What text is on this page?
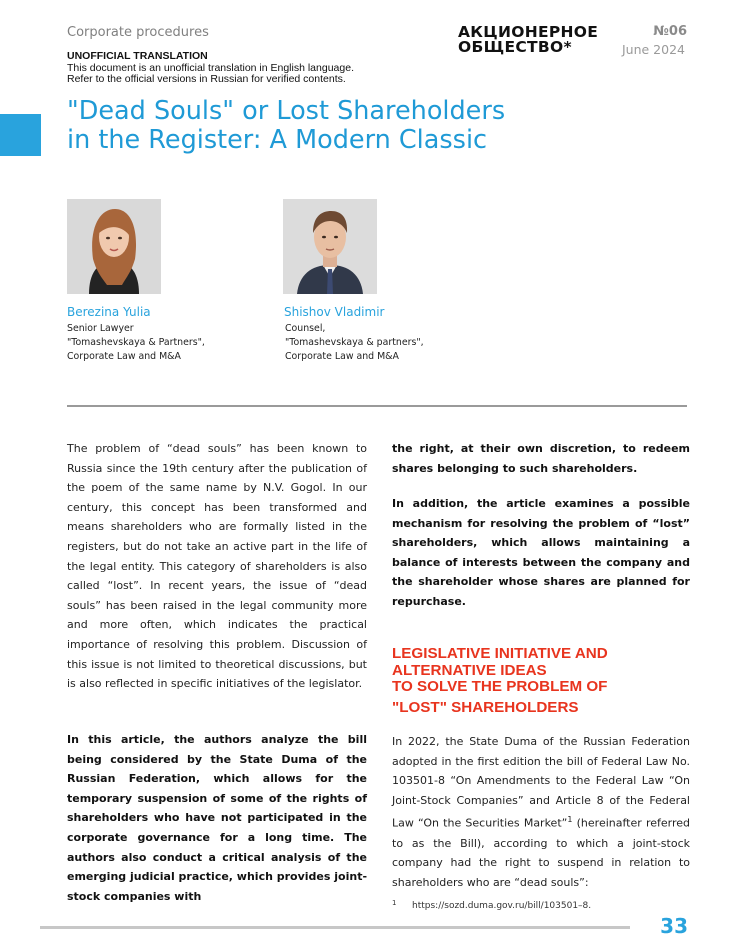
Corporate procedures
UNOFFICIAL TRANSLATION
This document is an unofficial translation in English language.
Refer to the official versions in Russian for verified contents.
АКЦИОНЕРНОЕ
ОБЩЕСТВО*
№06
June 2024
"Dead Souls" or Lost Shareholders
in the Register: A Modern Classic
Berezina Yulia
Senior Lawyer
"Tomashevskaya & Partners",
Corporate Law and M&A
Shishov Vladimir
Counsel,
"Tomashevskaya & partners",
Corporate Law and M&A
The problem of “dead souls” has been known to Russia since the 19th century after the publication of the poem of the same name by N.V. Gogol. In our century, this concept has been transformed and means shareholders who are formally listed in the registers, but do not take an active part in the life of the legal entity. This category of shareholders is also called “lost”. In recent years, the issue of “dead souls” has been raised in the legal community more and more often, which indicates the practical importance of resolving this problem. Discussion of this issue is not limited to theoretical discussions, but is also reflected in specific initiatives of the legislator.
In this article, the authors analyze the bill being considered by the State Duma of the Russian Federation, which allows for the temporary suspension of some of the rights of shareholders who have not participated in the corporate governance for a long time. The authors also conduct a critical analysis of the emerging judicial practice, which provides joint-stock companies with
the right, at their own discretion, to redeem shares belonging to such shareholders.
In addition, the article examines a possible mechanism for resolving the problem of “lost” shareholders, which allows maintaining a balance of interests between the company and the shareholder whose shares are planned for repurchase.
LEGISLATIVE INITIATIVE AND
ALTERNATIVE IDEAS
TO SOLVE THE PROBLEM OF
"LOST" SHAREHOLDERS
In 2022, the State Duma of the Russian Federation adopted in the first edition the bill of Federal Law No. 103501-8 “On Amendments to the Federal Law “On Joint-Stock Companies” and Article 8 of the Federal Law “On the Securities Market”$^1$ (hereinafter referred to as the Bill), according to which a joint-stock company had the right to suspend in relation to shareholders who are “dead souls”:
1 https://sozd.duma.gov.ru/bill/103501–8.
33
